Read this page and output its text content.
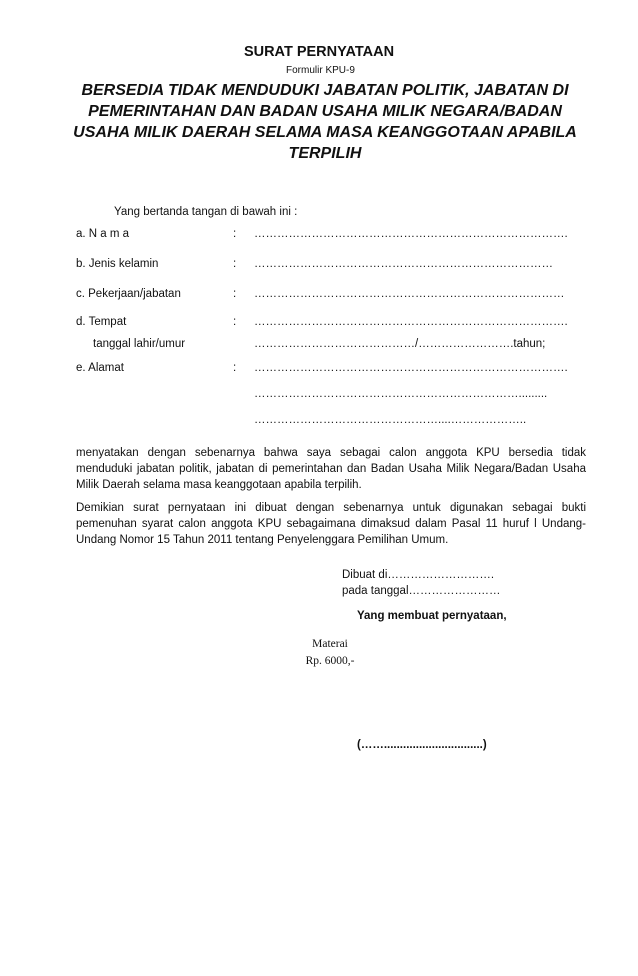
SURAT PERNYATAAN
Formulir KPU-9
BERSEDIA TIDAK MENDUDUKI JABATAN POLITIK, JABATAN DI PEMERINTAHAN DAN BADAN USAHA MILIK NEGARA/BADAN USAHA MILIK DAERAH SELAMA MASA KEANGGOTAAN APABILA TERPILIH
Yang bertanda tangan di bawah ini :
a. N a m a	: ……………………………………………………………………….
b. Jenis kelamin	: ……………………………………………………………………
c. Pekerjaan/jabatan	: ………………………………………………………………………
d. Tempat	: ……………………………………………………………………….
tanggal lahir/umur	……………………………………/…………………….tahun;
e. Alamat	: ……………………………………………………………………….
…………………………………………………………….........
…………………………………………....………………..
menyatakan dengan sebenarnya bahwa saya sebagai calon anggota KPU bersedia tidak menduduki jabatan politik, jabatan di pemerintahan dan Badan Usaha Milik Negara/Badan Usaha Milik Daerah selama masa keanggotaan apabila terpilih.
Demikian surat pernyataan ini dibuat dengan sebenarnya untuk digunakan sebagai bukti pemenuhan syarat calon anggota KPU sebagaimana dimaksud dalam Pasal 11 huruf l Undang-Undang Nomor 15 Tahun 2011 tentang Penyelenggara Pemilihan Umum.
Dibuat di……………………….
pada tanggal……………………
Yang membuat pernyataan,
Materai
Rp. 6000,-
(……...............................)
